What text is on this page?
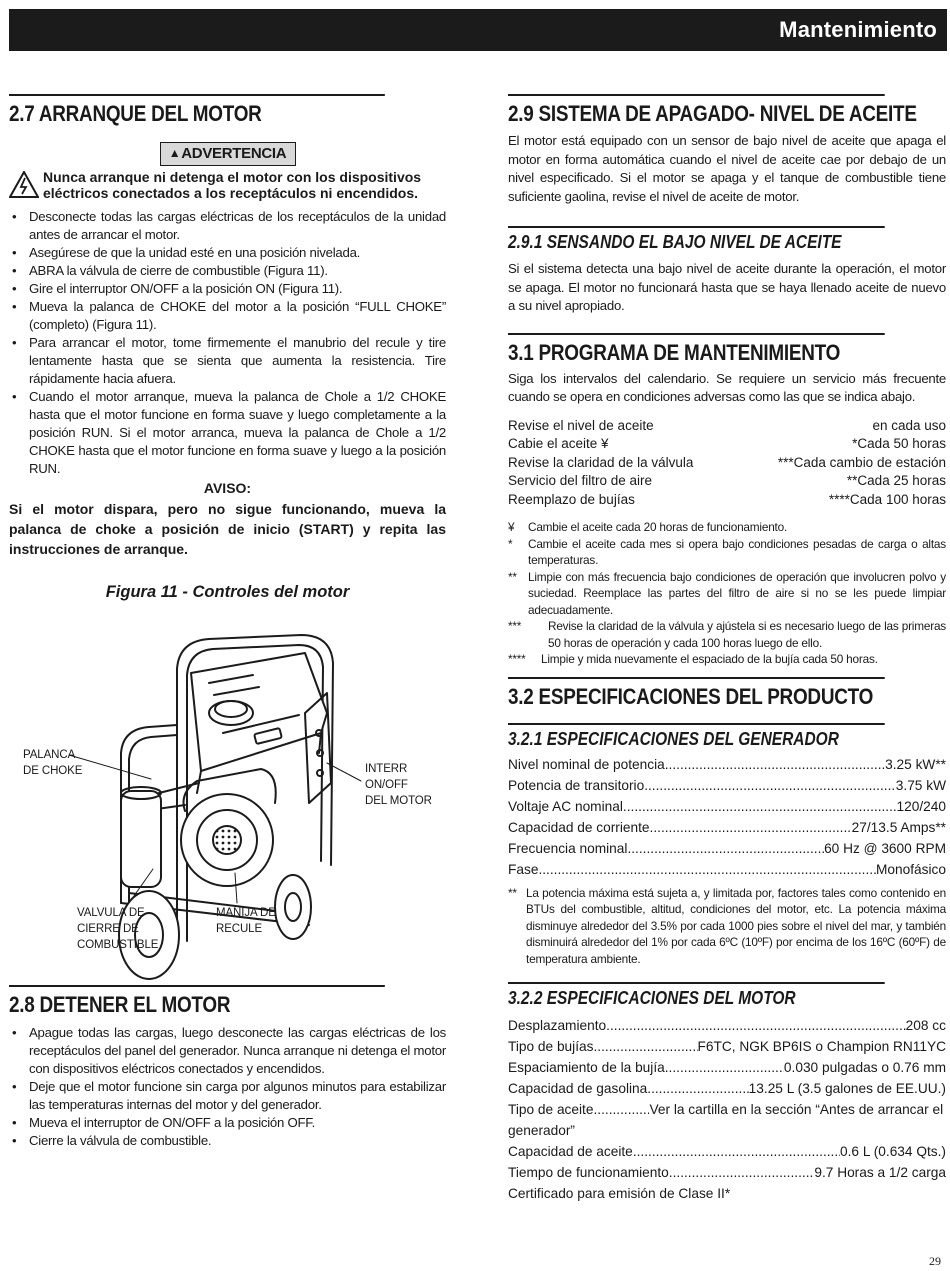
Mantenimiento
2.7 ARRANQUE DEL MOTOR
▲ADVERTENCIA
Nunca arranque ni detenga el motor con los dispositivos eléctricos conectados a los receptáculos ni encendidos.
• Desconecte todas las cargas eléctricas de los receptáculos de la unidad antes de arrancar el motor.
• Asegúrese de que la unidad esté en una posición nivelada.
• ABRA la válvula de cierre de combustible (Figura 11).
• Gire el interruptor ON/OFF a la posición ON (Figura 11).
• Mueva la palanca de CHOKE del motor a la posición “FULL CHOKE” (completo) (Figura 11).
• Para arrancar el motor, tome firmemente el manubrio del recule y tire lentamente hasta que se sienta que aumenta la resistencia. Tire rápidamente hacia afuera.
• Cuando el motor arranque, mueva la palanca de Chole a 1/2 CHOKE hasta que el motor funcione en forma suave y luego completamente a la posición RUN. Si el motor arranca, mueva la palanca de Chole a 1/2 CHOKE hasta que el motor funcione en forma suave y luego a la posición RUN.
AVISO:
Si el motor dispara, pero no sigue funcionando, mueva la palanca de choke a posición de inicio (START) y repita las instrucciones de arranque.
Figura 11 - Controles del motor
PALANCA
DE CHOKE	INTERR
ON/OFF
DEL MOTOR
VALVULA DE
CIERRE DE
COMBUSTIBLE
MANIJA DE
RECULE
2.8 DETENER EL MOTOR
• Apague todas las cargas, luego desconecte las cargas eléctricas de los receptáculos del panel del generador. Nunca arranque ni detenga el motor con dispositivos eléctricos conectados y encendidos.
• Deje que el motor funcione sin carga por algunos minutos para estabilizar las temperaturas internas del motor y del generador.
• Mueva el interruptor de ON/OFF a la posición OFF.
• Cierre la válvula de combustible.
2.9 SISTEMA DE APAGADO- NIVEL DE ACEITE
El motor está equipado con un sensor de bajo nivel de aceite que apaga el motor en forma automática cuando el nivel de aceite cae por debajo de un nivel especificado. Si el motor se apaga y el tanque de combustible tiene suficiente gaolina, revise el nivel de aceite de motor.
2.9.1 SENSANDO EL BAJO NIVEL DE ACEITE
Si el sistema detecta una bajo nivel de aceite durante la operación, el motor se apaga. El motor no funcionará hasta que se haya llenado aceite de nuevo a su nivel apropiado.
3.1 PROGRAMA DE MANTENIMIENTO
Siga los intervalos del calendario. Se requiere un servicio más frecuente cuando se opera en condiciones adversas como las que se indica abajo.
Revise el nivel de aceite	en cada uso
Cabie el aceite ¥	*Cada 50 horas
Revise la claridad de la válvula	***Cada cambio de estación
Servicio del filtro de aire	**Cada 25 horas
Reemplazo de bujías	****Cada 100 horas
¥	Cambie el aceite cada 20 horas de funcionamiento.
*	Cambie el aceite cada mes si opera bajo condiciones pesadas de carga o altas temperaturas.
** Limpie con más frecuencia bajo condiciones de operación que involucren polvo y suciedad. Reemplace las partes del filtro de aire si no se les puede limpiar adecuadamente.
***	Revise la claridad de la válvula y ajústela si es necesario luego de las primeras 50 horas de operación y cada 100 horas luego de ello.
****	Limpie y mida nuevamente el espaciado de la bujía cada 50 horas.
3.2 ESPECIFICACIONES DEL PRODUCTO
3.2.1 ESPECIFICACIONES DEL GENERADOR
Nivel nominal de potencia .....	3.25 kW**
Potencia de transitorio .....	3.75 kW
Voltaje AC nominal .....	120/240
Capacidad de corriente .....	27/13.5 Amps**
Frecuencia nominal .....	60 Hz @ 3600 RPM
Fase .....	Monofásico
** La potencia máxima está sujeta a, y limitada por, factores tales como contenido en BTUs del combustible, altitud, condiciones del motor, etc. La potencia máxima disminuye alrededor del 3.5% por cada 1000 pies sobre el nivel del mar, y también disminuirá alrededor del 1% por cada 6ºC (10ºF) por encima de los 16ºC (60ºF) de temperatura ambiente.
3.2.2 ESPECIFICACIONES DEL MOTOR
Desplazamiento .....	208 cc
Tipo de bujías .....	F6TC, NGK BP6IS o Champion RN11YC
Espaciamiento de la bujía .....	0.030 pulgadas o 0.76 mm
Capacidad de gasolina .....	13.25 L (3.5 galones de EE.UU.)
Tipo de aceite .....	Ver la cartilla en la sección “Antes de arrancar el
generador”
Capacidad de aceite .....	0.6 L (0.634 Qts.)
Tiempo de funcionamiento .....	9.7 Horas a 1/2 carga
Certificado para emisión de Clase II*
29
